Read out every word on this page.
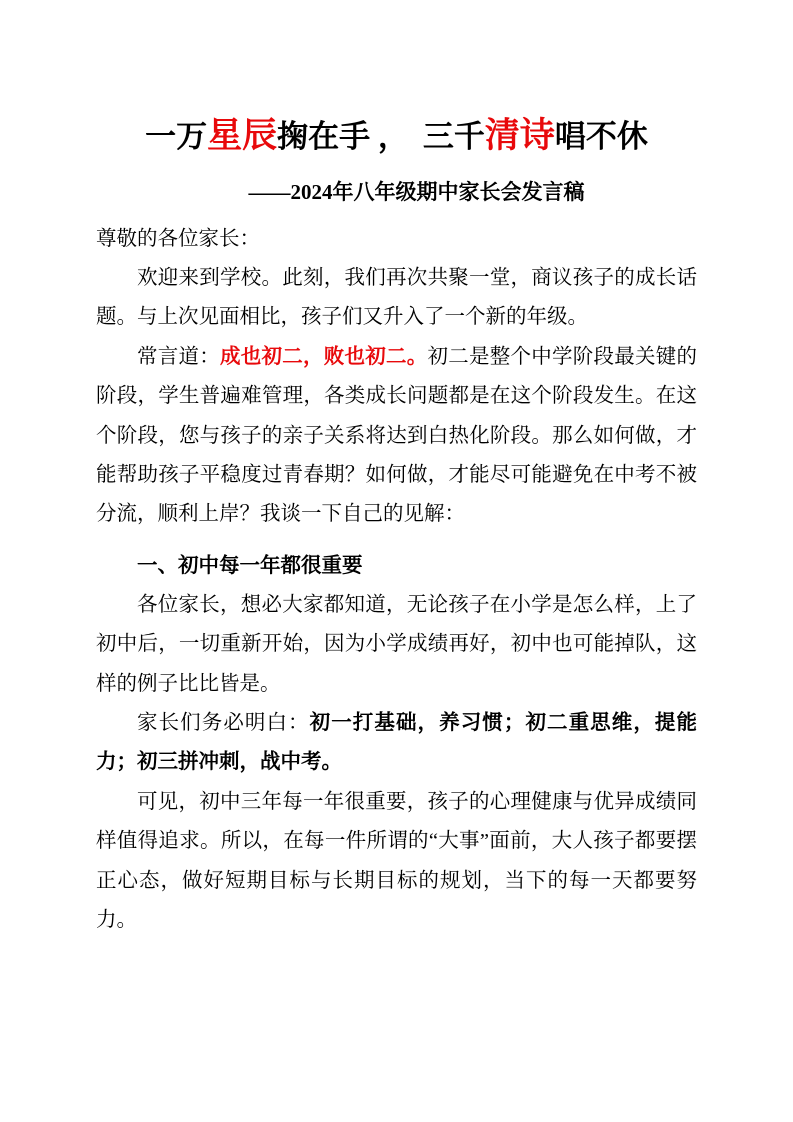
一万星辰掬在手 ， 三千清诗唱不休
——2024年八年级期中家长会发言稿

尊敬的各位家长：

欢迎来到学校。此刻，我们再次共聚一堂，商议孩子的成长话题。与上次见面相比，孩子们又升入了一个新的年级。

常言道：成也初二，败也初二。初二是整个中学阶段最关键的阶段，学生普遍难管理，各类成长问题都是在这个阶段发生。在这个阶段，您与孩子的亲子关系将达到白热化阶段。那么如何做，才能帮助孩子平稳度过青春期？如何做，才能尽可能避免在中考不被分流，顺利上岸？我谈一下自己的见解：

一、初中每一年都很重要

各位家长，想必大家都知道，无论孩子在小学是怎么样，上了初中后，一切重新开始，因为小学成绩再好，初中也可能掉队，这样的例子比比皆是。

家长们务必明白：初一打基础，养习惯；初二重思维，提能力；初三拼冲刺，战中考。

可见，初中三年每一年很重要，孩子的心理健康与优异成绩同样值得追求。所以，在每一件所谓的“大事”面前，大人孩子都要摆正心态，做好短期目标与长期目标的规划，当下的每一天都要努力。
